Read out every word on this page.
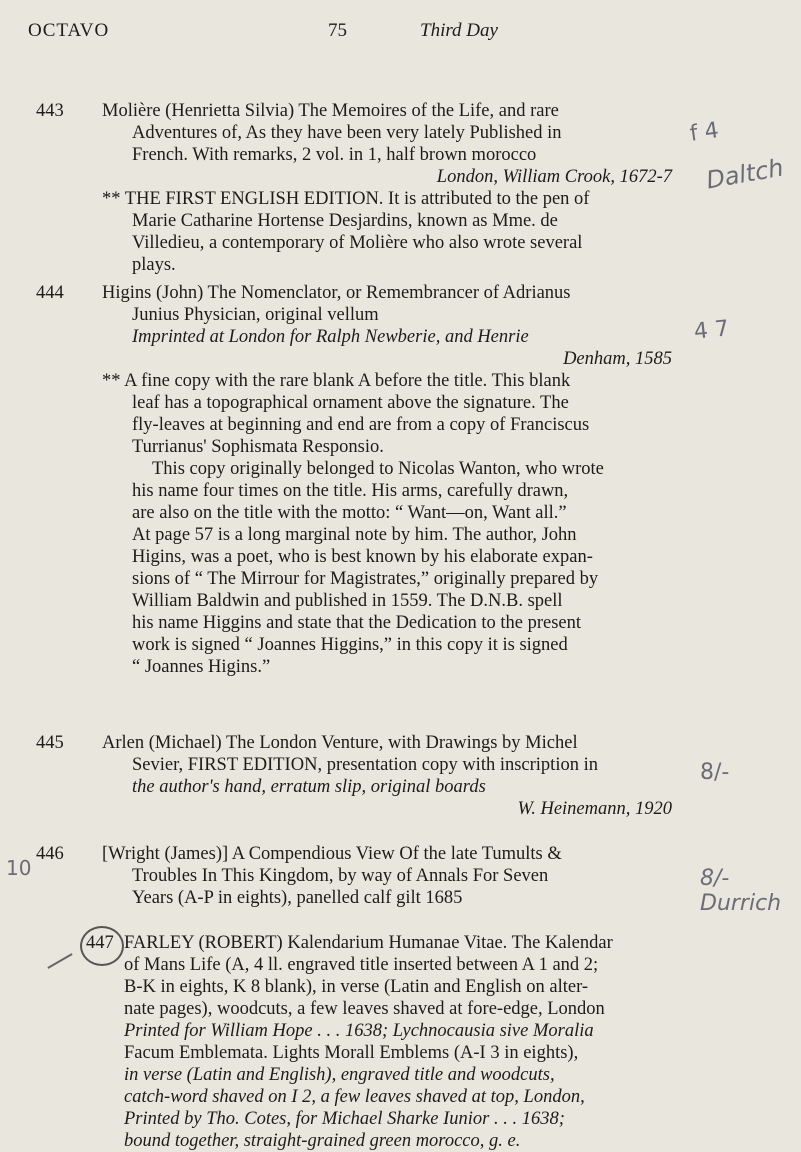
OCTAVO	75	Third Day
443	Molière (Henrietta Silvia) The Memoires of the Life, and rare
Adventures of, As they have been very lately Published in
French. With remarks, 2 vol. in 1, half brown morocco
London, William Crook, 1672-7
** THE FIRST ENGLISH EDITION. It is attributed to the pen of
Marie Catharine Hortense Desjardins, known as Mme. de
Villedieu, a contemporary of Molière who also wrote several
plays.
444	Higins (John) The Nomenclator, or Remembrancer of Adrianus
Junius Physician, original vellum
Imprinted at London for Ralph Newberie, and Henrie
Denham, 1585
** A fine copy with the rare blank A before the title. This blank
leaf has a topographical ornament above the signature. The
fly-leaves at beginning and end are from a copy of Franciscus
Turrianus' Sophismata Responsio.
This copy originally belonged to Nicolas Wanton, who wrote
his name four times on the title. His arms, carefully drawn,
are also on the title with the motto: “ Want—on, Want all.”
At page 57 is a long marginal note by him. The author, John
Higins, was a poet, who is best known by his elaborate expan-
sions of “ The Mirrour for Magistrates,” originally prepared by
William Baldwin and published in 1559. The D.N.B. spell
his name Higgins and state that the Dedication to the present
work is signed “ Joannes Higgins,” in this copy it is signed
“ Joannes Higins.”
445	Arlen (Michael) The London Venture, with Drawings by Michel
Sevier, FIRST EDITION, presentation copy with inscription in
the author's hand, erratum slip, original boards
W. Heinemann, 1920
446	[Wright (James)] A Compendious View Of the late Tumults &
Troubles In This Kingdom, by way of Annals For Seven
Years (A-P in eights), panelled calf gilt 1685
447 FARLEY (ROBERT) Kalendarium Humanae Vitae. The Kalendar
of Mans Life (A, 4 ll. engraved title inserted between A 1 and 2;
B-K in eights, K 8 blank), in verse (Latin and English on alter-
nate pages), woodcuts, a few leaves shaved at fore-edge, London
Printed for William Hope . . . 1638; Lychnocausia sive Moralia
Facum Emblemata. Lights Morall Emblems (A-I 3 in eights),
in verse (Latin and English), engraved title and woodcuts,
catch-word shaved on I 2, a few leaves shaved at top, London,
Printed by Tho. Cotes, for Michael Sharke Iunior . . . 1638;
bound together, straight-grained green morocco, g. e.
f 4
Daltch
4 7
8/-
8/- Durrich
10
